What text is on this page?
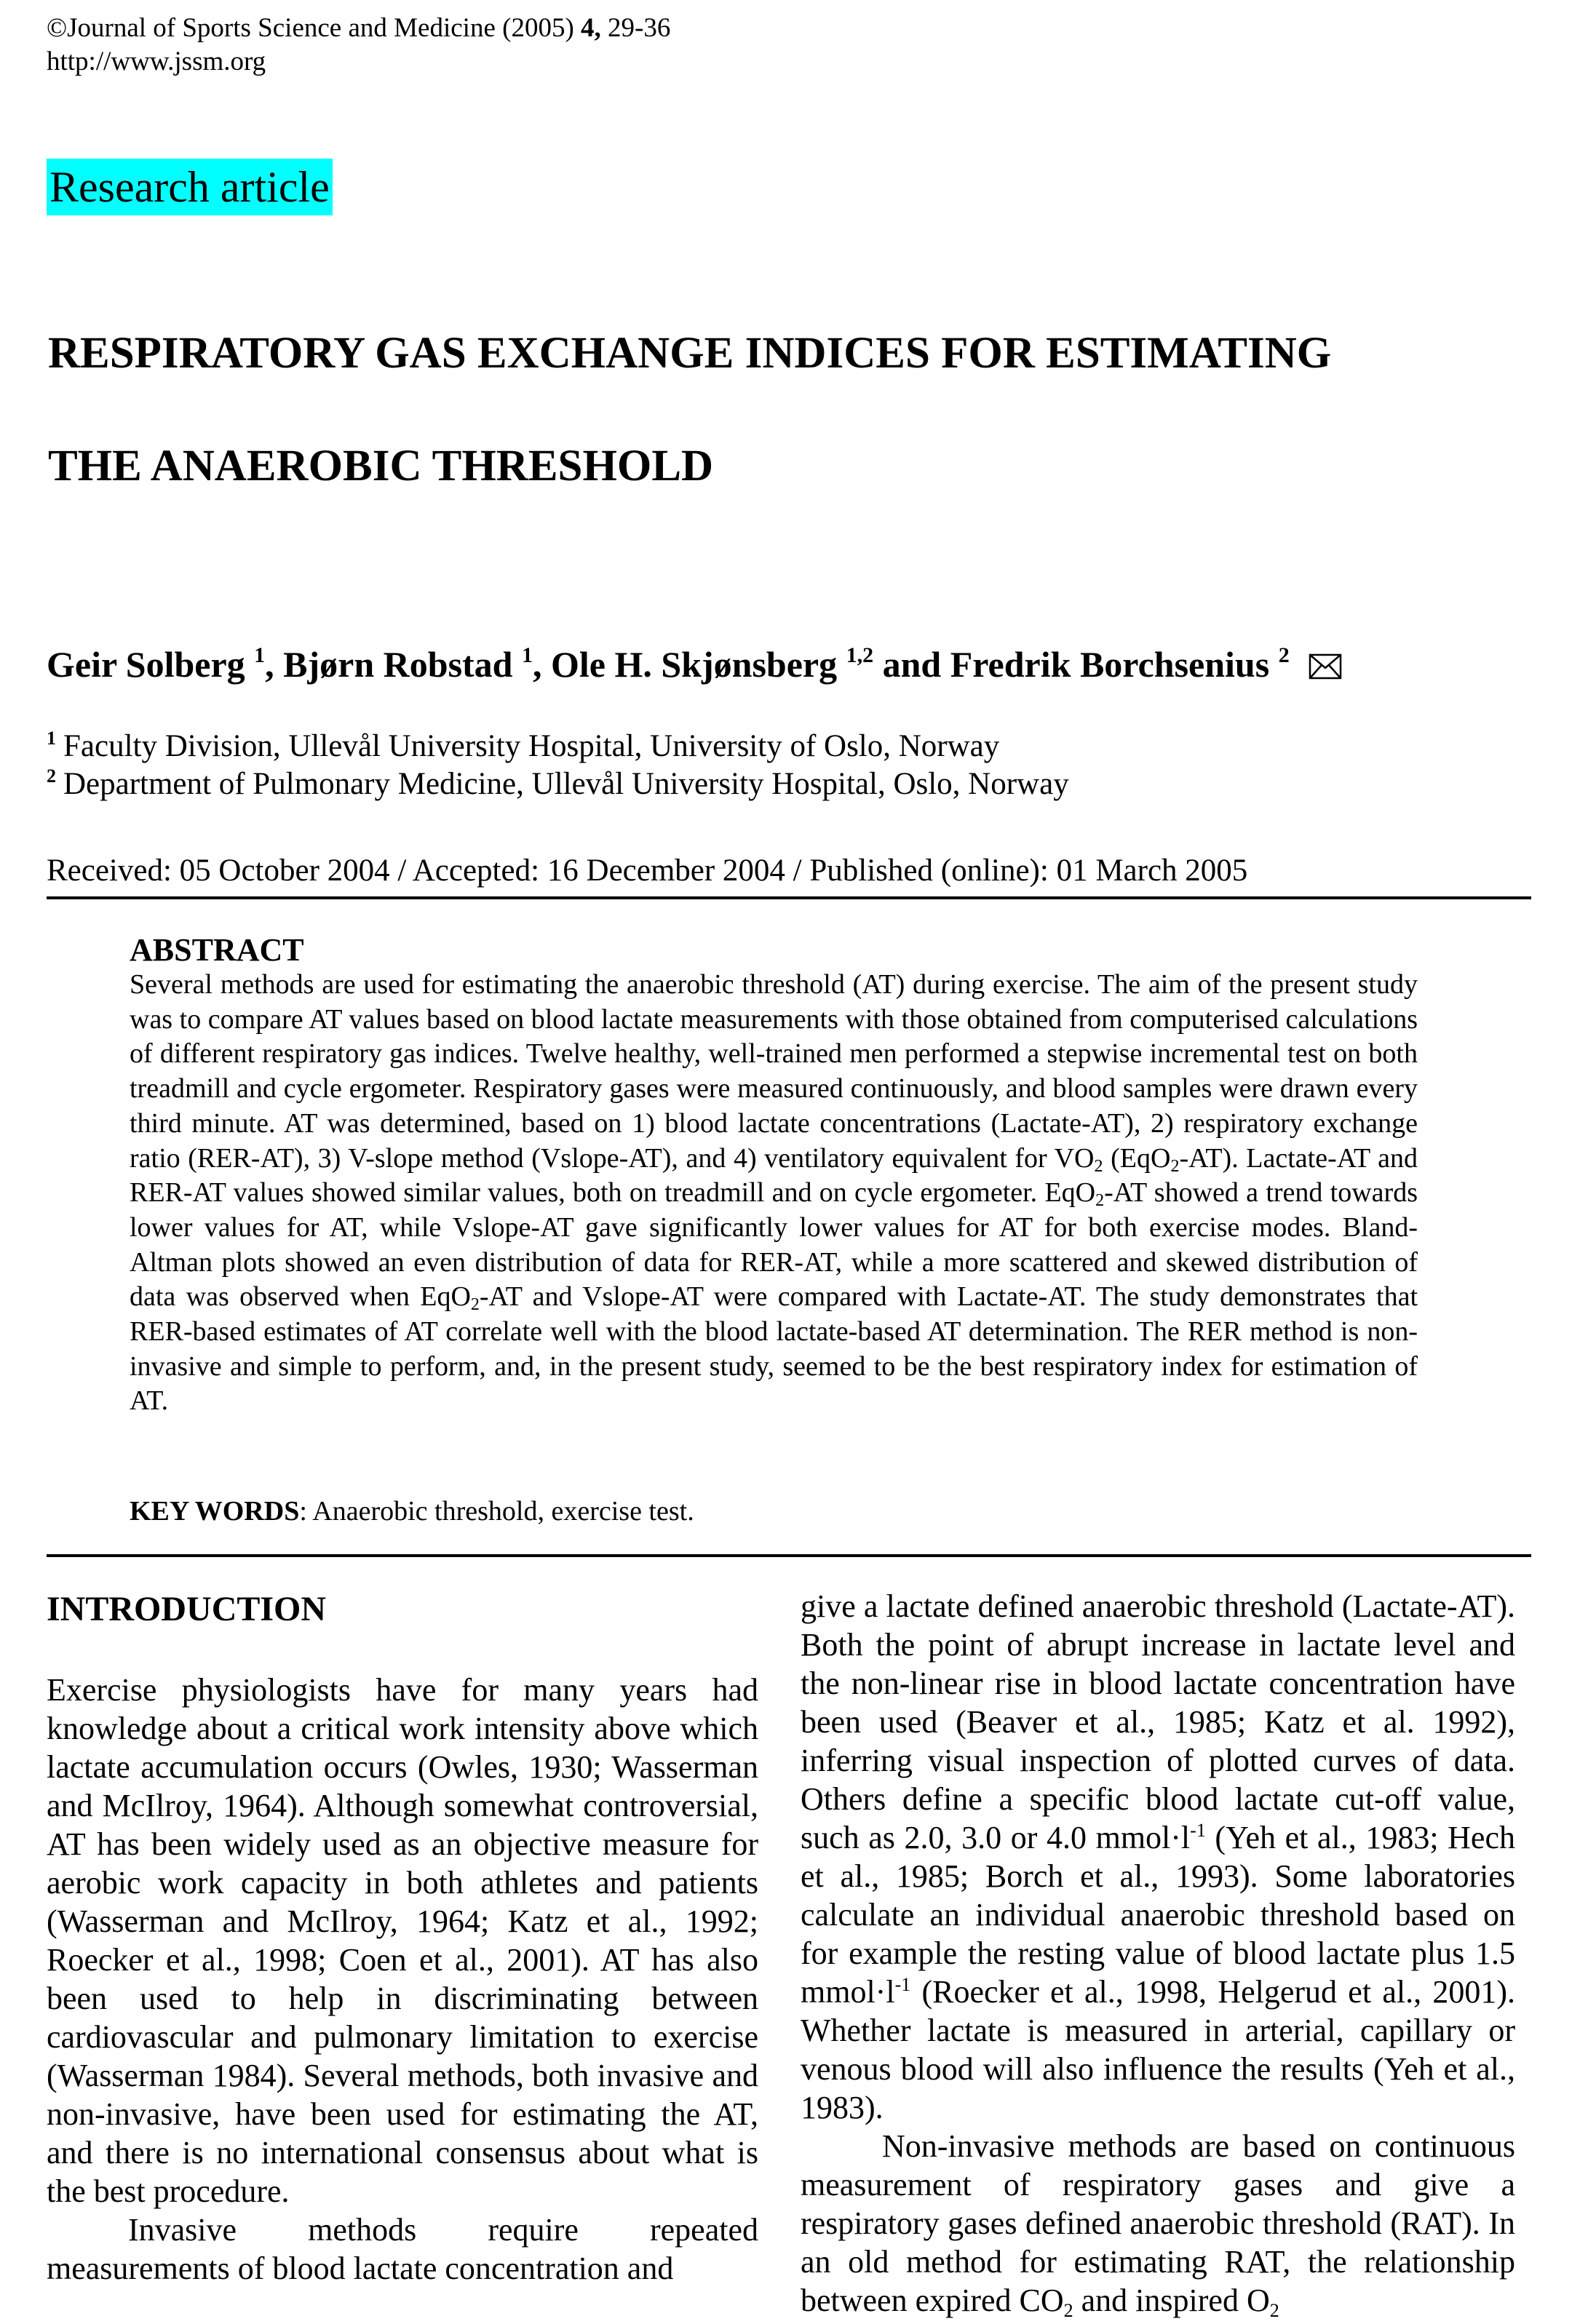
©Journal of Sports Science and Medicine (2005) 4, 29-36
http://www.jssm.org
Research article
RESPIRATORY GAS EXCHANGE INDICES FOR ESTIMATING
THE ANAEROBIC THRESHOLD
Geir Solberg $^1$, Bjørn Robstad $^1$, Ole H. Skjønsberg $^{1,2}$ and Fredrik Borchsenius $^2$
$^1$ Faculty Division, Ullevål University Hospital, University of Oslo, Norway
$^2$ Department of Pulmonary Medicine, Ullevål University Hospital, Oslo, Norway
Received: 05 October 2004 / Accepted: 16 December 2004 / Published (online): 01 March 2005
ABSTRACT
Several methods are used for estimating the anaerobic threshold (AT) during exercise. The aim of the present study was to compare AT values based on blood lactate measurements with those obtained from computerised calculations of different respiratory gas indices. Twelve healthy, well-trained men performed a stepwise incremental test on both treadmill and cycle ergometer. Respiratory gases were measured continuously, and blood samples were drawn every third minute. AT was determined, based on 1) blood lactate concentrations (Lactate-AT), 2) respiratory exchange ratio (RER-AT), 3) V-slope method (Vslope-AT), and 4) ventilatory equivalent for $VO_2$ (EqO$_2$-AT). Lactate-AT and RER-AT values showed similar values, both on treadmill and on cycle ergometer. EqO$_2$-AT showed a trend towards lower values for AT, while Vslope-AT gave significantly lower values for AT for both exercise modes. Bland-Altman plots showed an even distribution of data for RER-AT, while a more scattered and skewed distribution of data was observed when EqO$_2$-AT and Vslope-AT were compared with Lactate-AT. The study demonstrates that RER-based estimates of AT correlate well with the blood lactate-based AT determination. The RER method is non-invasive and simple to perform, and, in the present study, seemed to be the best respiratory index for estimation of AT.
KEY WORDS: Anaerobic threshold, exercise test.
INTRODUCTION

Exercise physiologists have for many years had knowledge about a critical work intensity above which lactate accumulation occurs (Owles, 1930; Wasserman and McIlroy, 1964). Although somewhat controversial, AT has been widely used as an objective measure for aerobic work capacity in both athletes and patients (Wasserman and McIlroy, 1964; Katz et al., 1992; Roecker et al., 1998; Coen et al., 2001). AT has also been used to help in discriminating between cardiovascular and pulmonary limitation to exercise (Wasserman 1984). Several methods, both invasive and non-invasive, have been used for estimating the AT, and there is no international consensus about what is the best procedure.

Invasive methods require repeated measurements of blood lactate concentration and

give a lactate defined anaerobic threshold (Lactate-AT). Both the point of abrupt increase in lactate level and the non-linear rise in blood lactate concentration have been used (Beaver et al., 1985; Katz et al. 1992), inferring visual inspection of plotted curves of data. Others define a specific blood lactate cut-off value, such as 2.0, 3.0 or 4.0 $mmol\cdot l^{-1}$ (Yeh et al., 1983; Hech et al., 1985; Borch et al., 1993). Some laboratories calculate an individual anaerobic threshold based on for example the resting value of blood lactate plus 1.5 $mmol\cdot l^{-1}$ (Roecker et al., 1998, Helgerud et al., 2001). Whether lactate is measured in arterial, capillary or venous blood will also influence the results (Yeh et al., 1983).

Non-invasive methods are based on continuous measurement of respiratory gases and give a respiratory gases defined anaerobic threshold (RAT). In an old method for estimating RAT, the relationship between expired $CO_2$ and inspired $O_2$
